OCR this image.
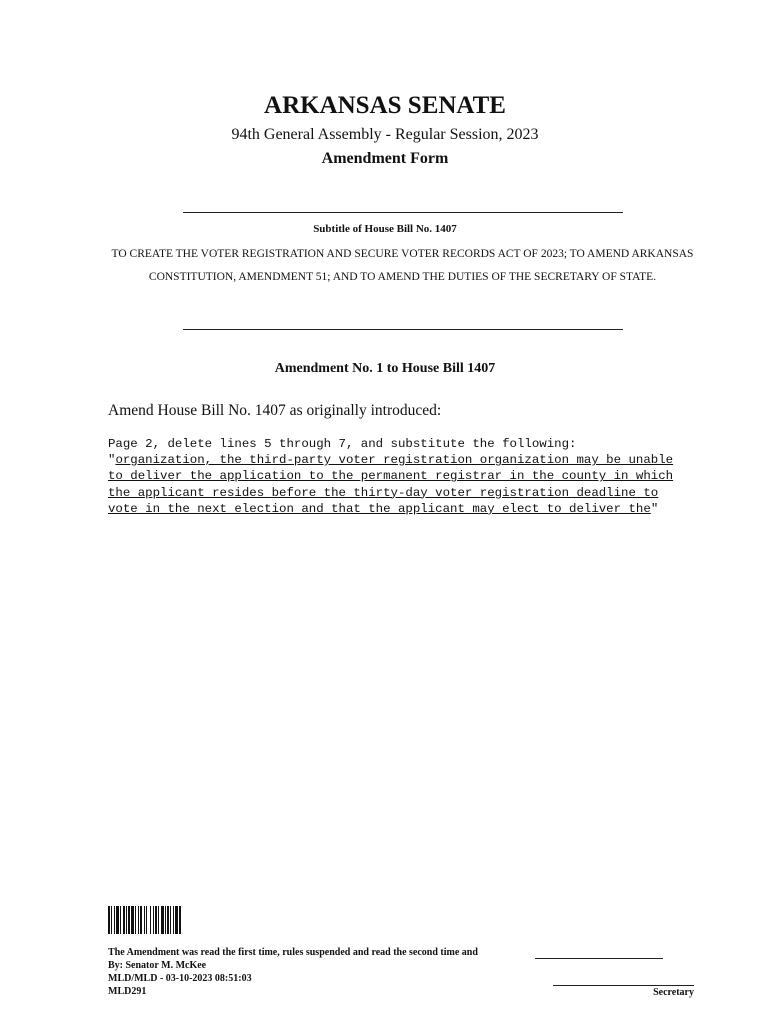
ARKANSAS SENATE
94th General Assembly - Regular Session, 2023
Amendment Form
Subtitle of House Bill No. 1407
TO CREATE THE VOTER REGISTRATION AND SECURE VOTER RECORDS ACT OF 2023; TO AMEND ARKANSAS CONSTITUTION, AMENDMENT 51; AND TO AMEND THE DUTIES OF THE SECRETARY OF STATE.
Amendment No. 1 to House Bill 1407
Amend House Bill No. 1407 as originally introduced:
Page 2, delete lines 5 through 7, and substitute the following:
"organization, the third-party voter registration organization may be unable
to deliver the application to the permanent registrar in the county in which
the applicant resides before the thirty-day voter registration deadline to
vote in the next election and that the applicant may elect to deliver the"
The Amendment was read the first time, rules suspended and read the second time and
By: Senator M. McKee
MLD/MLD - 03-10-2023 08:51:03
MLD291	Secretary
